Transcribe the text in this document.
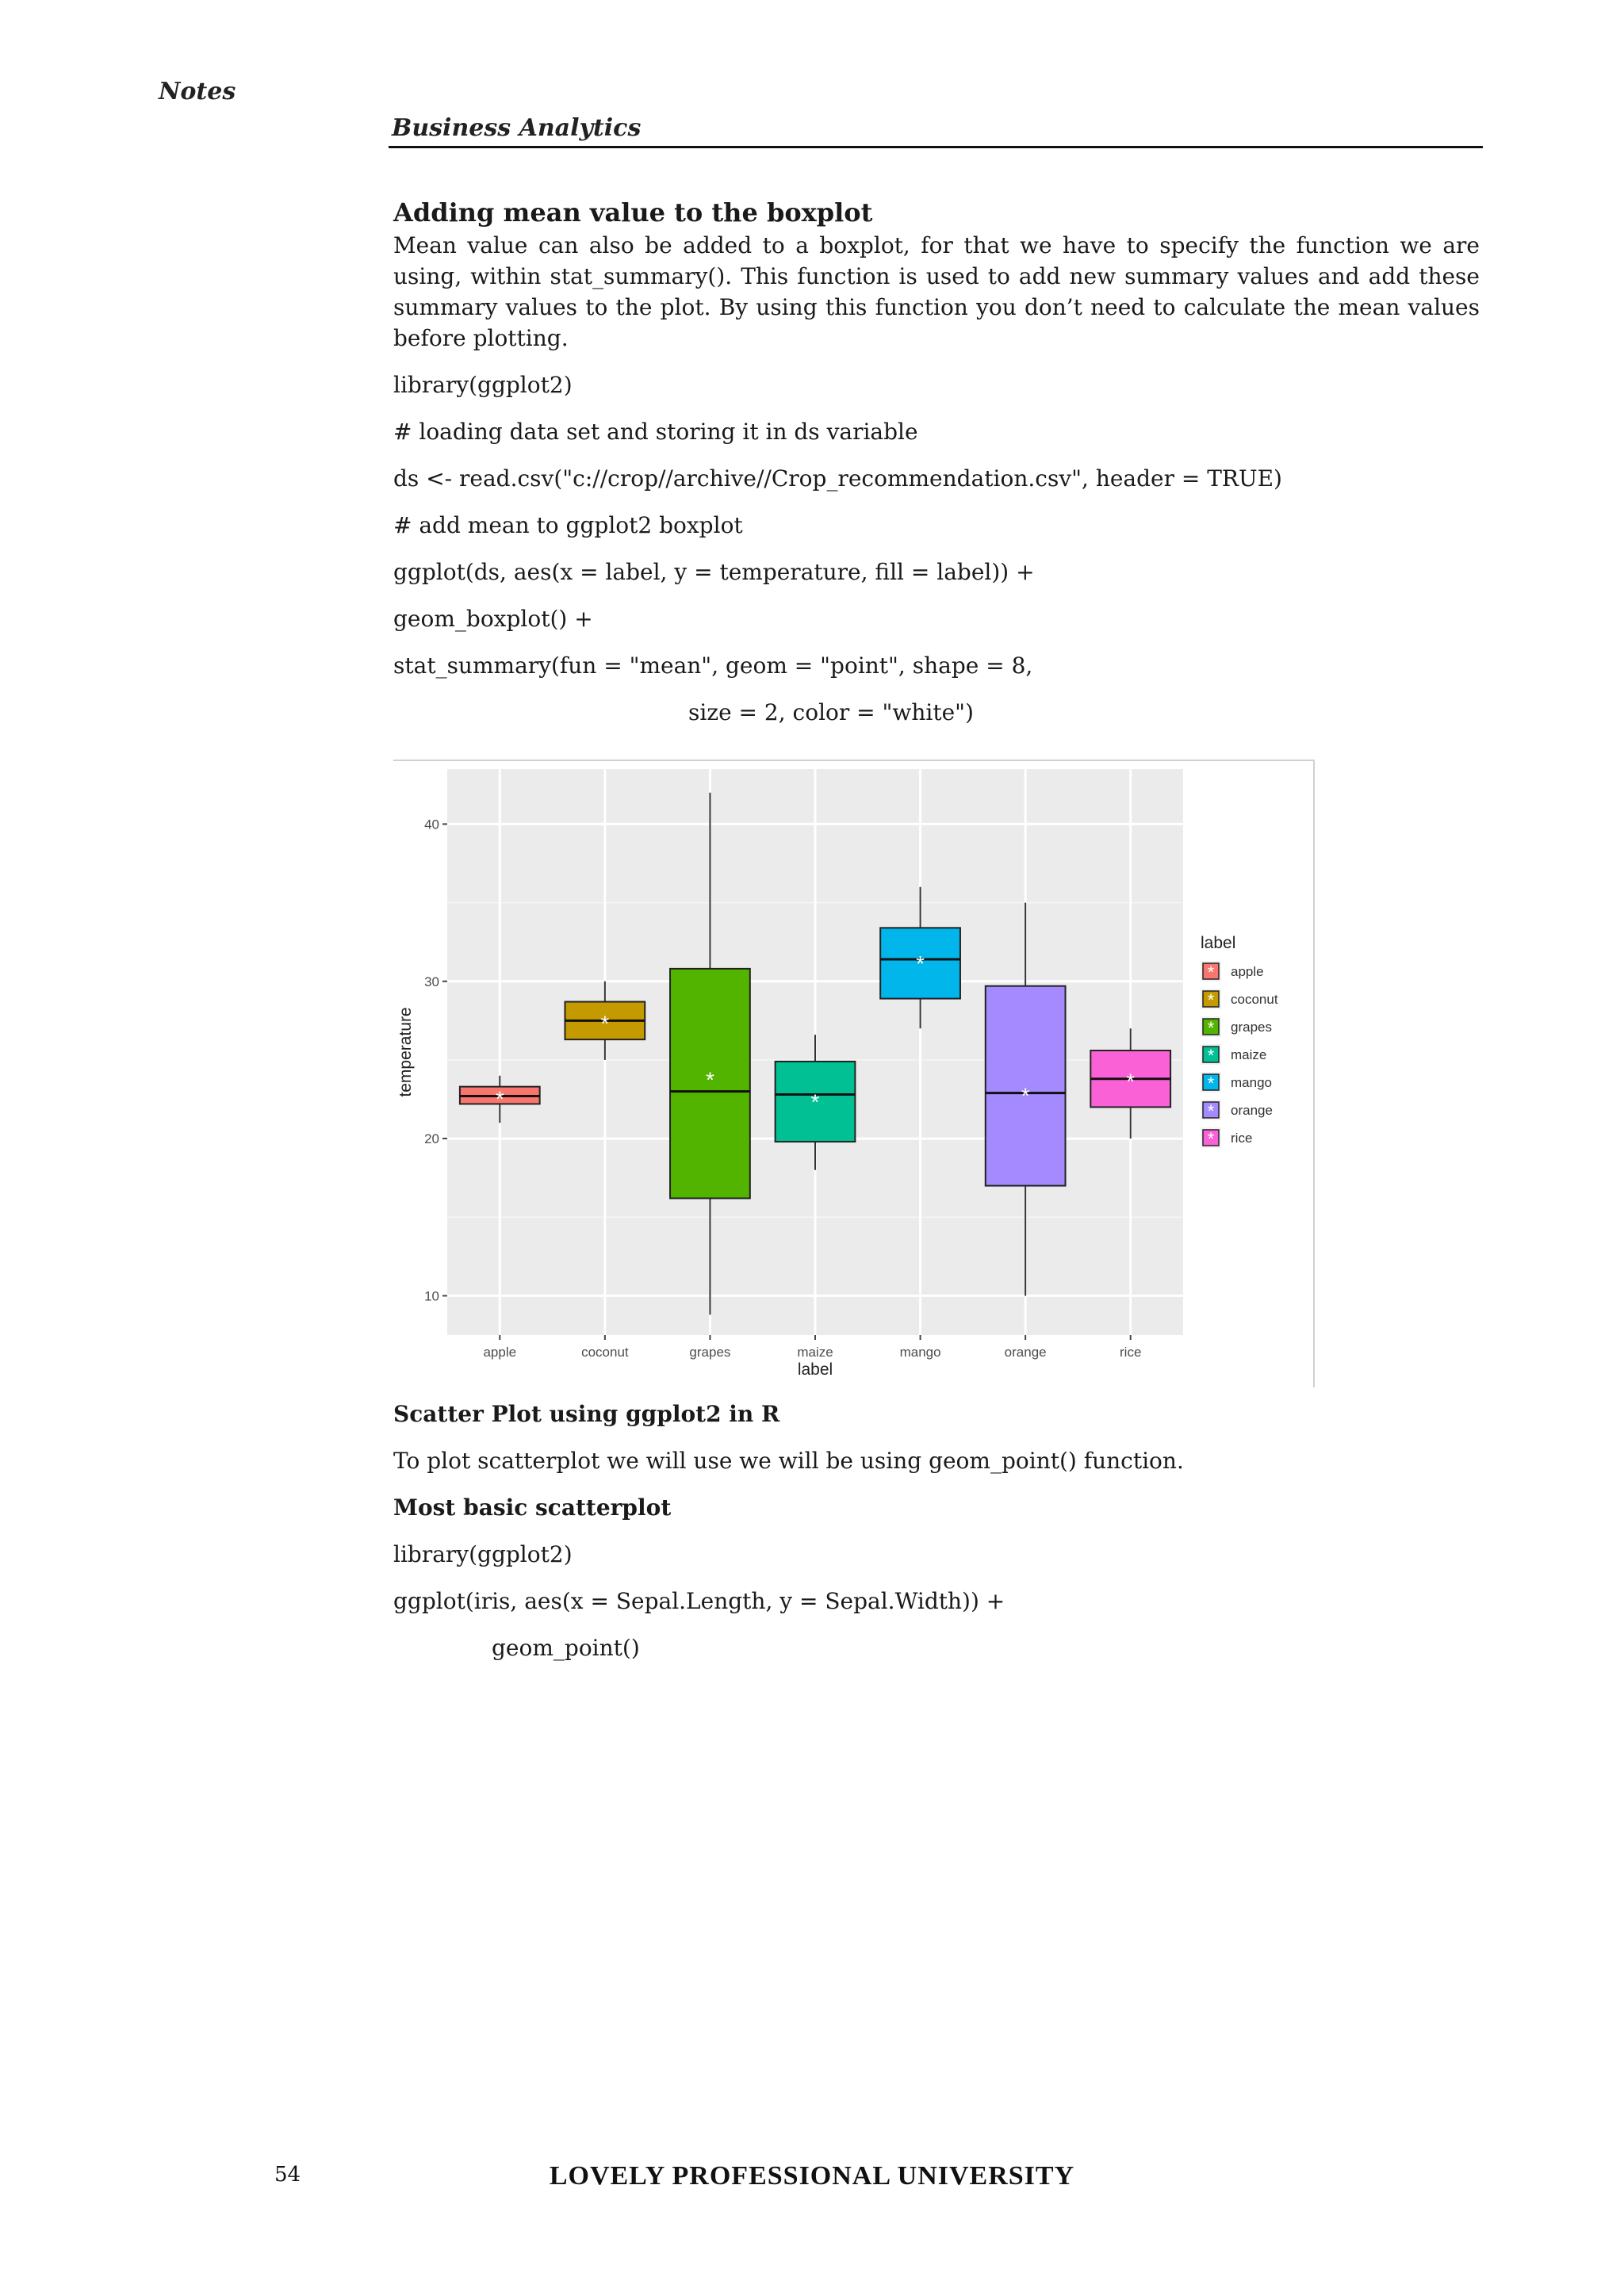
Notes
Business Analytics

Adding mean value to the boxplot

Mean value can also be added to a boxplot, for that we have to specify the function we are using, within stat_summary(). This function is used to add new summary values and add these summary values to the plot. By using this function you don’t need to calculate the mean values before plotting.

library(ggplot2)

# loading data set and storing it in ds variable

ds <- read.csv("c://crop//archive//Crop_recommendation.csv", header = TRUE)

# add mean to ggplot2 boxplot

ggplot(ds, aes(x = label, y = temperature, fill = label)) +

geom_boxplot() +

stat_summary(fun = "mean", geom = "point", shape = 8,

size = 2, color = "white")

10
20
30
40
*
*
*
*
*
*
*
apple	coconut	grapes	maize	mango	orange	rice
label
temperature
label
* apple
* coconut
* grapes
* maize
* mango
* orange
* rice

Scatter Plot using ggplot2 in R

To plot scatterplot we will use we will be using geom_point() function.

Most basic scatterplot

library(ggplot2)

ggplot(iris, aes(x = Sepal.Length, y = Sepal.Width)) +

geom_point()

54	LOVELY PROFESSIONAL UNIVERSITY
